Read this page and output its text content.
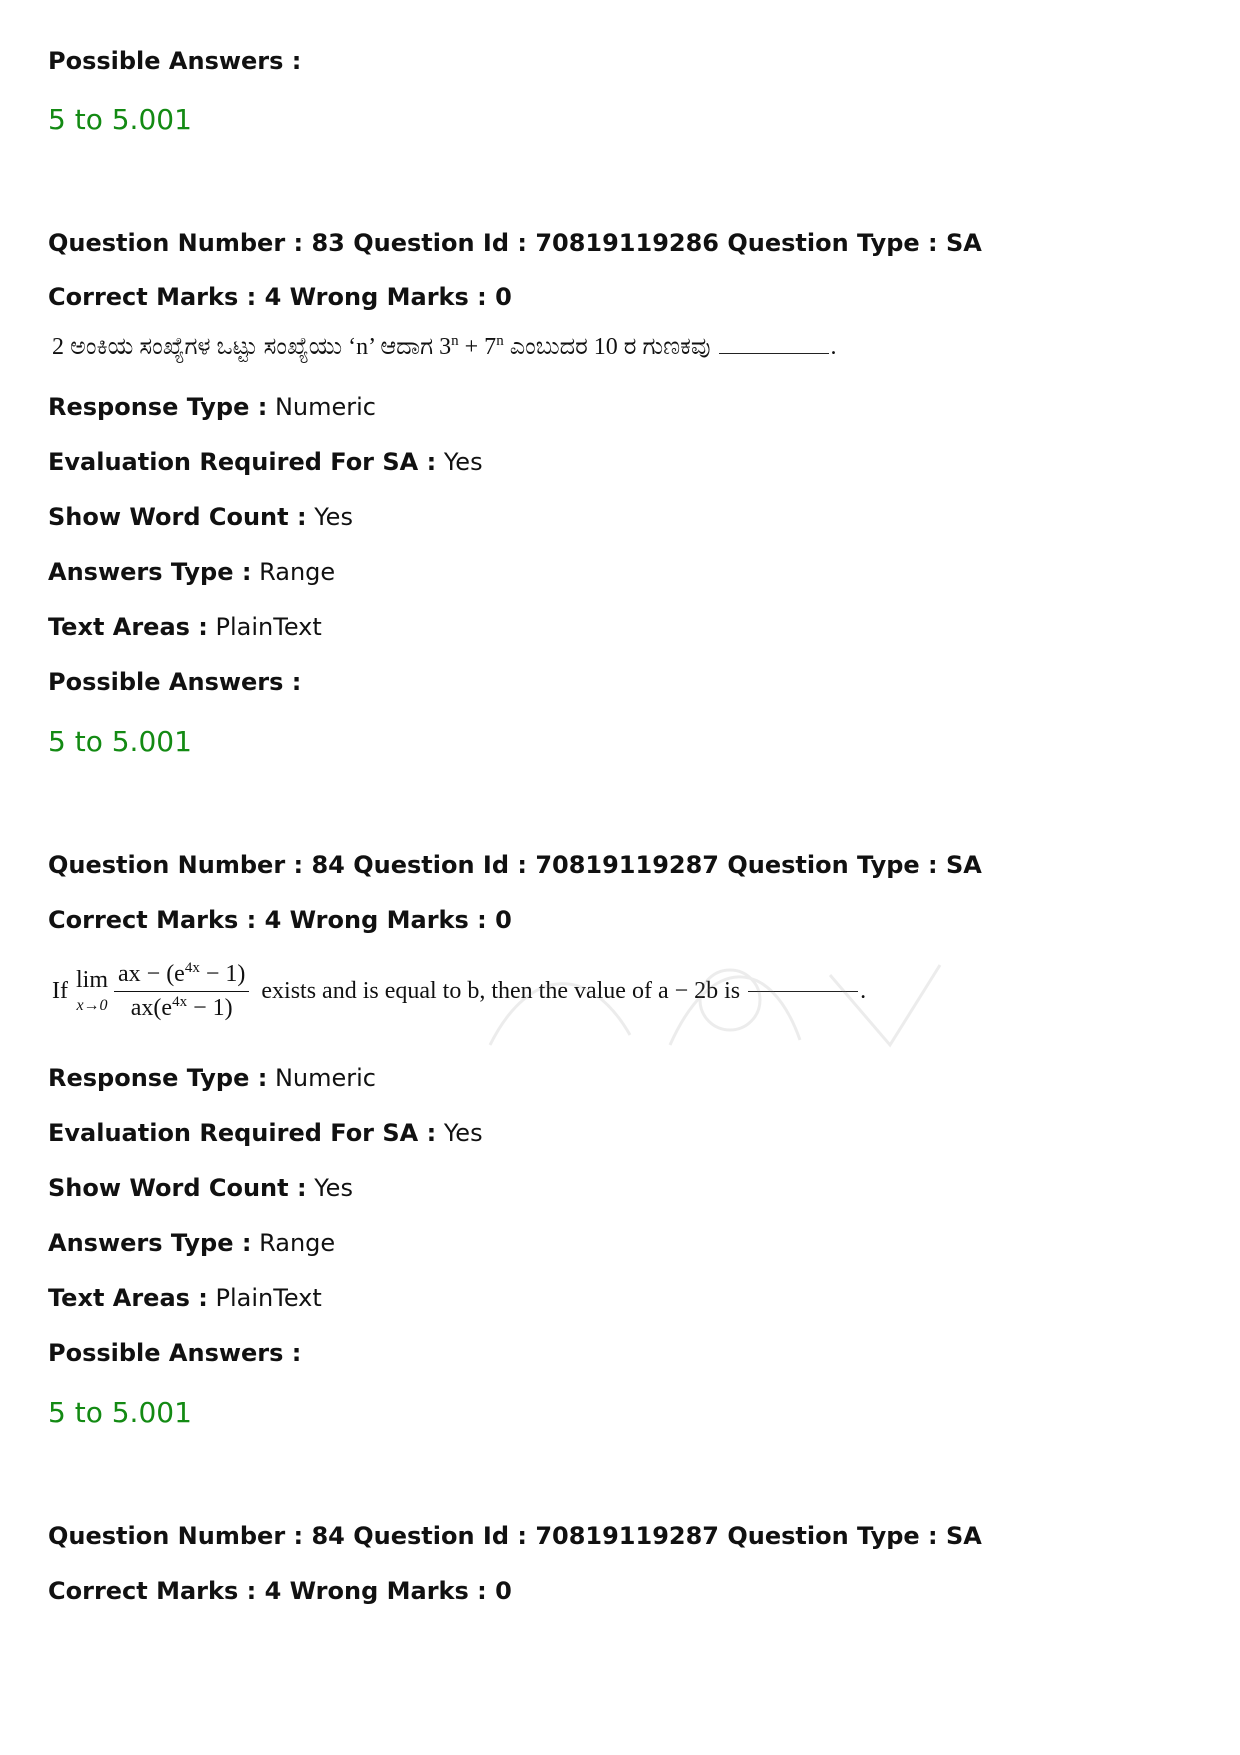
Possible Answers :
5 to 5.001
Question Number : 83 Question Id : 70819119286 Question Type : SA
Correct Marks : 4 Wrong Marks : 0
2 ಅಂಕಿಯ ಸಂಖ್ಯೆಗಳ ಒಟ್ಟು ಸಂಖ್ಯೆಯು ‘n’ ಆದಾಗ $3^n + 7^n$ ಎಂಬುದರ 10 ರ ಗುಣಕವು	.
Response Type : Numeric
Evaluation Required For SA : Yes
Show Word Count : Yes
Answers Type : Range
Text Areas : PlainText
Possible Answers :
5 to 5.001
Question Number : 84 Question Id : 70819119287 Question Type : SA
Correct Marks : 4 Wrong Marks : 0
If lim
$x\to 0 \frac{ax - (e^{4x} - 1)}{ax(e^{4x} - 1)}$ exists and is equal to b, then the value of a − 2b is	.
Response Type : Numeric
Evaluation Required For SA : Yes
Show Word Count : Yes
Answers Type : Range
Text Areas : PlainText
Possible Answers :
5 to 5.001
Question Number : 84 Question Id : 70819119287 Question Type : SA
Correct Marks : 4 Wrong Marks : 0
